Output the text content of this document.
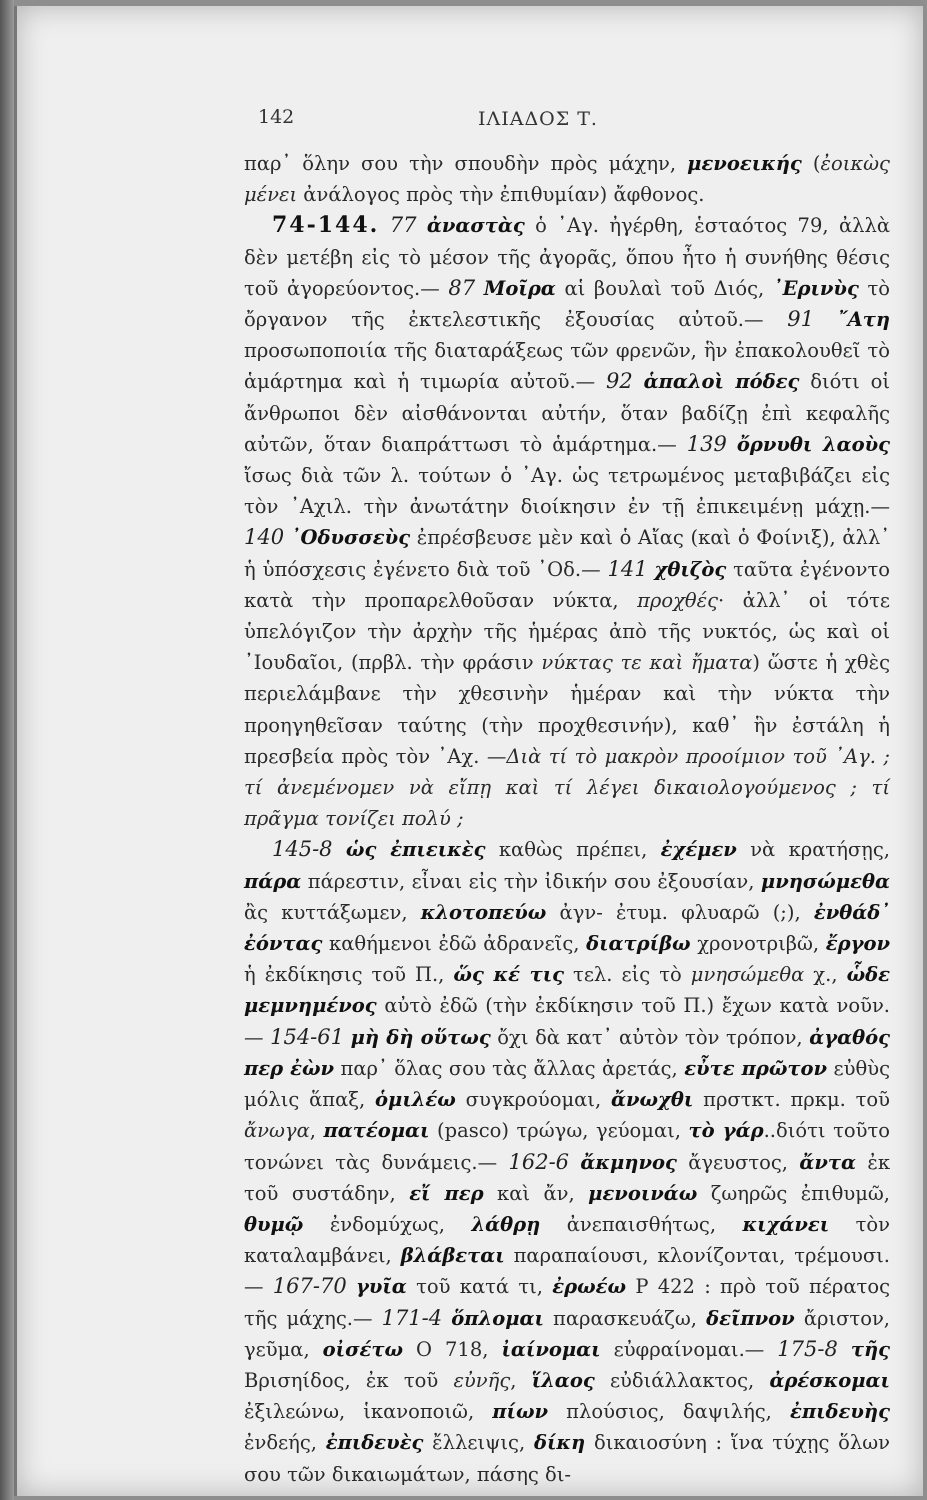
142	ΙΛΙΑΔΟΣ Τ.

παρ᾽ ὅλην σου τὴν σπουδὴν πρὸς μάχην, μενοεικής (ἐοικὼς μένει ἀνάλογος πρὸς τὴν ἐπιθυμίαν) ἄφθονος.

74-144. 77 ἀναστὰς ὁ ᾽Αγ. ἠγέρθη, ἑσταότος 79, ἀλλὰ δὲν μετέβη εἰς τὸ μέσον τῆς ἀγορᾶς, ὅπου ἦτο ἡ συνήθης θέσις τοῦ ἀγορεύοντος.— 87 Μοῖρα αἱ βουλαὶ τοῦ Διός, ᾽Ερινὺς τὸ ὄργανον τῆς ἐκτελεστικῆς ἐξουσίας αὐτοῦ.— 91 ῎Ατη προσωποποιία τῆς διαταράξεως τῶν φρενῶν, ἣν ἐπακολουθεῖ τὸ ἁμάρτημα καὶ ἡ τιμωρία αὐτοῦ.— 92 ἁπαλοὶ πόδες διότι οἱ ἄνθρωποι δὲν αἰσθάνονται αὐτήν, ὅταν βαδίζῃ ἐπὶ κεφαλῆς αὐτῶν, ὅταν διαπράττωσι τὸ ἁμάρτημα.— 139 ὄρνυθι λαοὺς ἴσως διὰ τῶν λ. τούτων ὁ ᾽Αγ. ὡς τετρωμένος μεταβιβάζει εἰς τὸν ᾽Αχιλ. τὴν ἀνωτάτην διοίκησιν ἐν τῇ ἐπικειμένῃ μάχῃ.— 140 ᾽Οδυσσεὺς ἐπρέσβευσε μὲν καὶ ὁ Αἴας (καὶ ὁ Φοίνιξ), ἀλλ᾽ ἡ ὑπόσχεσις ἐγένετο διὰ τοῦ ᾽Οδ.— 141 χθιζὸς ταῦτα ἐγένοντο κατὰ τὴν προπαρελθοῦσαν νύκτα, προχθές· ἀλλ᾽ οἱ τότε ὑπελόγιζον τὴν ἀρχὴν τῆς ἡμέρας ἀπὸ τῆς νυκτός, ὡς καὶ οἱ ᾽Ιουδαῖοι, (πρβλ. τὴν φράσιν νύκτας τε καὶ ἤματα) ὥστε ἡ χθὲς περιελάμβανε τὴν χθεσινὴν ἡμέραν καὶ τὴν νύκτα τὴν προηγηθεῖσαν ταύτης (τὴν προχθεσινήν), καθ᾽ ἣν ἐστάλη ἡ πρεσβεία πρὸς τὸν ᾽Αχ. —Διὰ τί τὸ μακρὸν προοίμιον τοῦ ᾽Αγ. ; τί ἀνεμένομεν νὰ εἴπῃ καὶ τί λέγει δικαιολογούμενος ; τί πρᾶγμα τονίζει πολύ ;

145-8 ὡς ἐπιεικὲς καθὼς πρέπει, ἐχέμεν νὰ κρατήσῃς, πάρα πάρεστιν, εἶναι εἰς τὴν ἰδικήν σου ἐξουσίαν, μνησώμεθα ἂς κυττάξωμεν, κλοτοπεύω ἀγν- ἐτυμ. φλυαρῶ (;), ἐνθάδ᾽ ἐόντας καθήμενοι ἐδῶ ἀδρανεῖς, διατρίβω χρονοτριβῶ, ἔργον ἡ ἐκδίκησις τοῦ Π., ὥς κέ τις τελ. εἰς τὸ μνησώμεθα χ., ὧδε μεμνημένος αὐτὸ ἐδῶ (τὴν ἐκδίκησιν τοῦ Π.) ἔχων κατὰ νοῦν.— 154-61 μὴ δὴ οὕτως ὄχι δὰ κατ᾽ αὐτὸν τὸν τρόπον, ἀγαθός περ ἐὼν παρ᾽ ὅλας σου τὰς ἄλλας ἀρετάς, εὖτε πρῶτον εὐθὺς μόλις ἅπαξ, ὁμιλέω συγκρούομαι, ἄνωχθι πρστκτ. πρκμ. τοῦ ἄνωγα, πατέομαι (pasco) τρώγω, γεύομαι, τὸ γάρ..διότι τοῦτο τονώνει τὰς δυνάμεις.— 162-6 ἄκμηνος ἄγευστος, ἄντα ἐκ τοῦ συστάδην, εἴ περ καὶ ἄν, μενοινάω ζωηρῶς ἐπιθυμῶ, θυμῷ ἐνδομύχως, λάθρῃ ἀνεπαισθήτως, κιχάνει τὸν καταλαμβάνει, βλάβεται παραπαίουσι, κλονίζονται, τρέμουσι.— 167-70 γυῖα τοῦ κατά τι, ἐρωέω Ρ 422 : πρὸ τοῦ πέρατος τῆς μάχης.— 171-4 ὅπλομαι παρασκευάζω, δεῖπνον ἄριστον, γεῦμα, οἰσέτω Ο 718, ἰαίνομαι εὐφραίνομαι.— 175-8 τῆς Βρισηίδος, ἐκ τοῦ εὐνῆς, ἵλαος εὐδιάλλακτος, ἀρέσκομαι ἐξιλεώνω, ἱκανοποιῶ, πίων πλούσιος, δαψιλής, ἐπιδευὴς ἐνδεής, ἐπιδευὲς ἔλλειψις, δίκη δικαιοσύνη : ἵνα τύχῃς ὅλων σου τῶν δικαιωμάτων, πάσης δι-
